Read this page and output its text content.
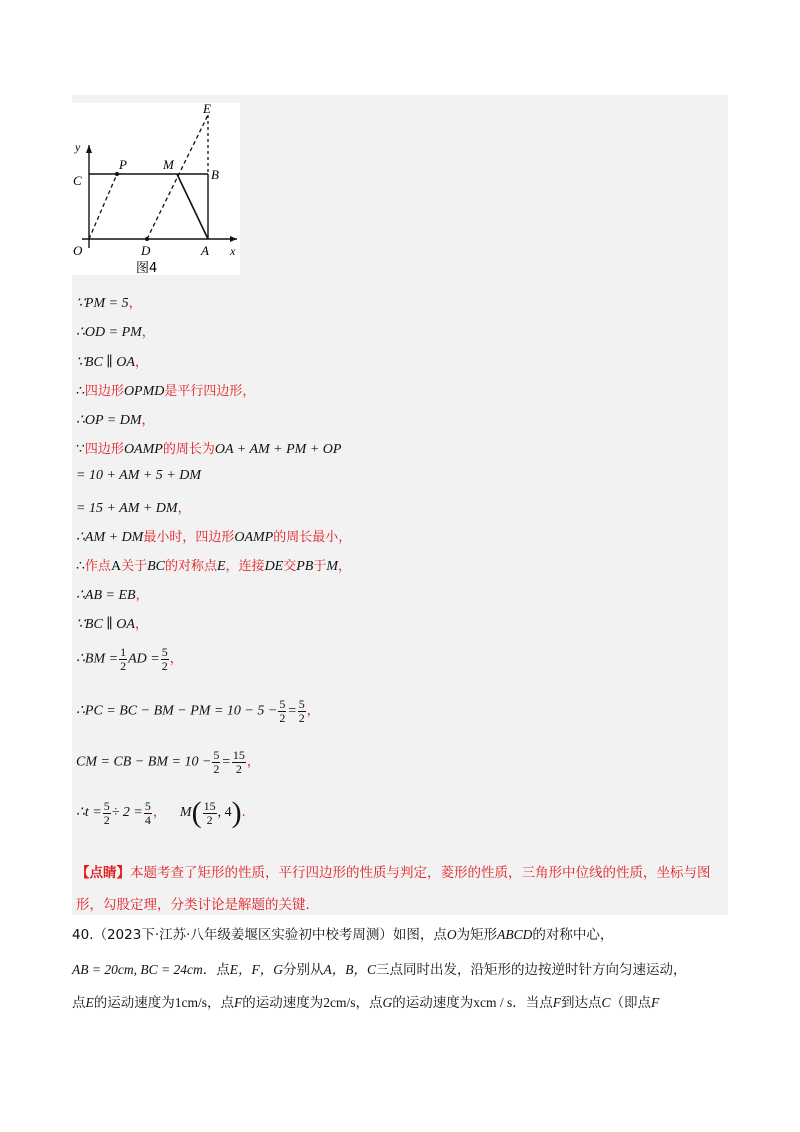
y
x
O
C
P	M
B
E
D	A
图4
∵PM = 5，
∴OD = PM，
∵BC ∥ OA，
∴四边形OPMD是平行四边形，
∴OP = DM，
∵四边形OAMP的周长为OA + AM + PM + OP
= 10 + AM + 5 + DM
= 15 + AM + DM，
∴AM + DM最小时，四边形OAMP的周长最小，
∴作点A关于BC的对称点E，连接DE交PB于M，
∴AB = EB，
∵BC ∥ OA，
∴BM = $\frac{1}{2}$ AD = $\frac{5}{2}$ ，
∴PC = BC − BM − PM = $10 - 5 - \frac{5}{2} = \frac{5}{2}$ ，
CM = CB − BM = $10 - \frac{5}{2} = \frac{15}{2}$ ，
∴t = $\frac{5}{2} \div 2 = \frac{5}{4}$ ， $M( \frac{15}{2}$ , 4).
【点睛】本题考查了矩形的性质，平行四边形的性质与判定，菱形的性质，三角形中位线的性质，坐标与图形，勾股定理，分类讨论是解题的关键.
40.（2023下·江苏·八年级姜堰区实验初中校考周测）如图，点O为矩形ABCD的对称中心，
AB = 20cm, BC = 24cm．点E，F，G分别从A，B，C三点同时出发，沿矩形的边按逆时针方向匀速运动，
点E的运动速度为1cm/s，点F的运动速度为2cm/s，点G的运动速度为xcm / s．当点F到达点C（即点F
